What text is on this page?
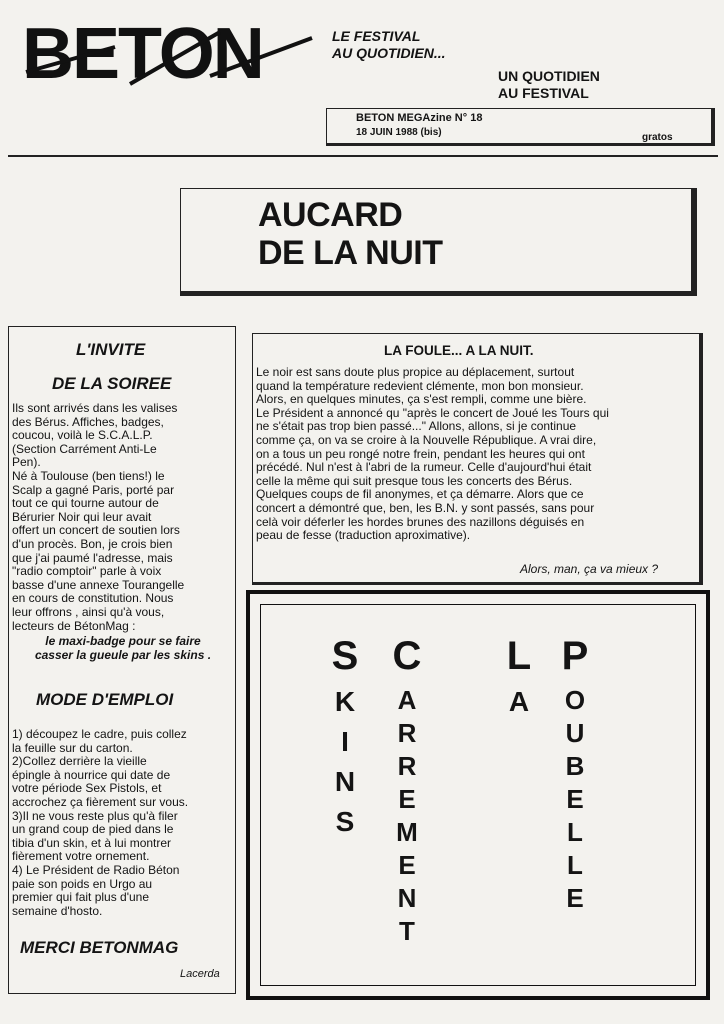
BETON	LE FESTIVAL
AU QUOTIDIEN...
UN QUOTIDIEN
AU FESTIVAL
BETON MEGAzine N° 18
18 JUIN 1988 (bis)	gratos
AUCARD
DE LA NUIT
L'INVITE
DE LA SOIREE
Ils sont arrivés dans les valises
des Bérus. Affiches, badges,
coucou, voilà le S.C.A.L.P.
(Section Carrément Anti-Le
Pen).
Né à Toulouse (ben tiens!) le
Scalp a gagné Paris, porté par
tout ce qui tourne autour de
Bérurier Noir qui leur avait
offert un concert de soutien lors
d'un procès. Bon, je crois bien
que j'ai paumé l'adresse, mais
"radio comptoir" parle à voix
basse d'une annexe Tourangelle
en cours de constitution. Nous
leur offrons , ainsi qu'à vous,
lecteurs de BétonMag :
le maxi-badge pour se faire
casser la gueule par les skins .
MODE D'EMPLOI
1) découpez le cadre, puis collez
la feuille sur du carton.
2)Collez derrière la vieille
épingle à nourrice qui date de
votre période Sex Pistols, et
accrochez ça fièrement sur vous.
3)Il ne vous reste plus qu'à filer
un grand coup de pied dans le
tibia d'un skin, et à lui montrer
fièrement votre ornement.
4) Le Président de Radio Béton
paie son poids en Urgo au
premier qui fait plus d'une
semaine d'hosto.
MERCI BETONMAG
Lacerda
LA FOULE... A LA NUIT.
Le noir est sans doute plus propice au déplacement, surtout
quand la température redevient clémente, mon bon monsieur.
Alors, en quelques minutes, ça s'est rempli, comme une bière.
Le Président a annoncé qu "après le concert de Joué les Tours qui
ne s'était pas trop bien passé..." Allons, allons, si je continue
comme ça, on va se croire à la Nouvelle République. A vrai dire,
on a tous un peu rongé notre frein, pendant les heures qui ont
précédé. Nul n'est à l'abri de la rumeur. Celle d'aujourd'hui était
celle la même qui suit presque tous les concerts des Bérus.
Quelques coups de fil anonymes, et ça démarre. Alors que ce
concert a démontré que, ben, les B.N. y sont passés, sans pour
celà voir déferler les hordes brunes des nazillons déguisés en
peau de fesse (traduction aproximative).
Alors, man, ça va mieux ?
S
K
I
N
S
C
A
R
R
E
M
E
N
T
L
A
P
O
U
B
E
L
L
E
